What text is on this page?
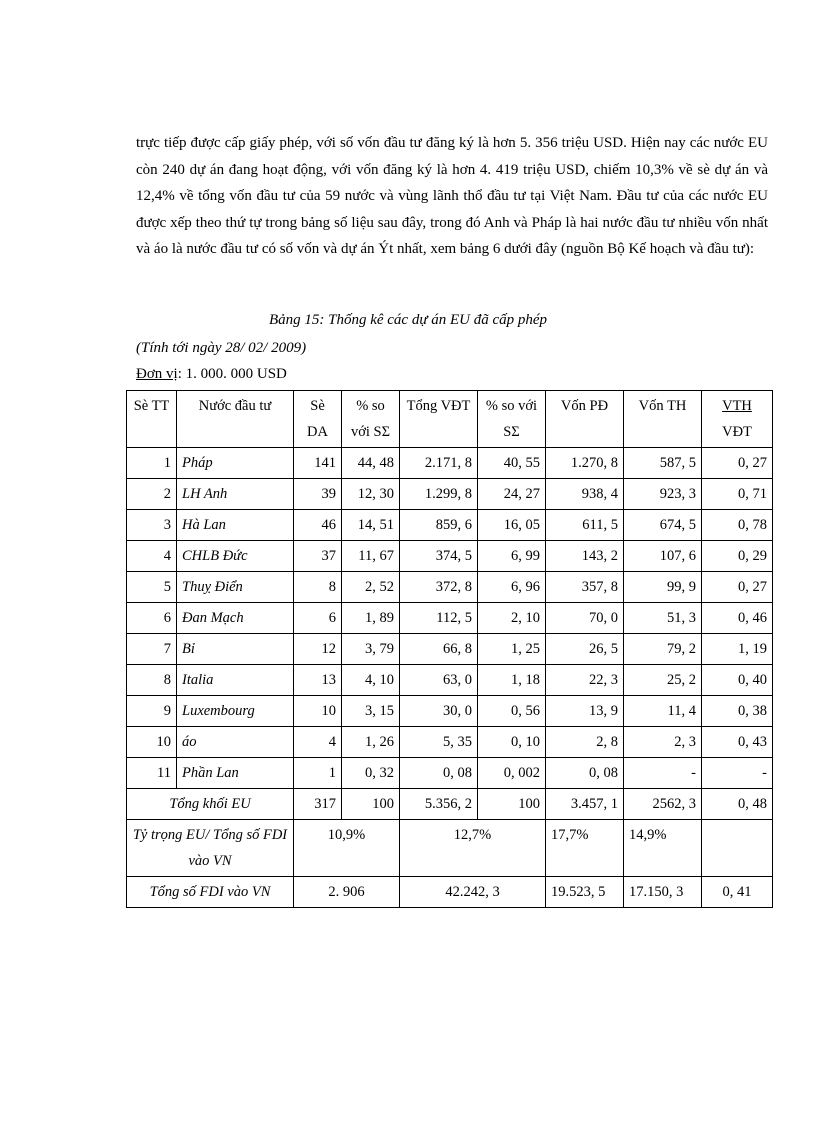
trực tiếp được cấp giấy phép, với số vốn đầu tư đăng ký là hơn 5. 356 triệu USD. Hiện nay các nước EU còn 240 dự án đang hoạt động, với vốn đăng ký là hơn 4. 419 triệu USD, chiếm 10,3% về sè dự án và 12,4% về tổng vốn đầu tư của 59 nước và vùng lãnh thổ đầu tư tại Việt Nam. Đầu tư của các nước EU được xếp theo thứ tự trong bảng số liệu sau đây, trong đó Anh và Pháp là hai nước đầu tư nhiều vốn nhất và áo là nước đầu tư có số vốn và dự án Ýt nhất, xem bảng 6 dưới đây (nguồn Bộ Kế hoạch và đầu tư):
Bảng 15: Thống kê các dự án EU đã cấp phép
(Tính tới ngày 28/ 02/ 2009)
Đơn vị: 1. 000. 000 USD
Sè TT	Nước đầu tư	Sè DA	% so với SΣ	Tổng VĐT	% so với SΣ	Vốn PĐ	Vốn TH	VTH
VĐT
1	Pháp	141	44, 48	2.171, 8	40, 55	1.270, 8	587, 5	0, 27
2	LH Anh	39	12, 30	1.299, 8	24, 27	938, 4	923, 3	0, 71
3	Hà Lan	46	14, 51	859, 6	16, 05	611, 5	674, 5	0, 78
4	CHLB Đức	37	11, 67	374, 5	6, 99	143, 2	107, 6	0, 29
5	Thuỵ Điển	8	2, 52	372, 8	6, 96	357, 8	99, 9	0, 27
6	Đan Mạch	6	1, 89	112, 5	2, 10	70, 0	51, 3	0, 46
7	Bỉ	12	3, 79	66, 8	1, 25	26, 5	79, 2	1, 19
8	Italia	13	4, 10	63, 0	1, 18	22, 3	25, 2	0, 40
9	Luxembourg	10	3, 15	30, 0	0, 56	13, 9	11, 4	0, 38
10	áo	4	1, 26	5, 35	0, 10	2, 8	2, 3	0, 43
11	Phần Lan	1	0, 32	0, 08	0, 002	0, 08	-	-
Tổng khối EU		317	100	5.356, 2	100	3.457, 1	2562, 3	0, 48
Tỷ trọng EU/ Tổng số FDI vào VN		10,9%		12,7%		17,7%	14,9%	
Tổng số FDI vào VN		2. 906		42.242, 3		19.523, 5	17.150, 3	0, 41
